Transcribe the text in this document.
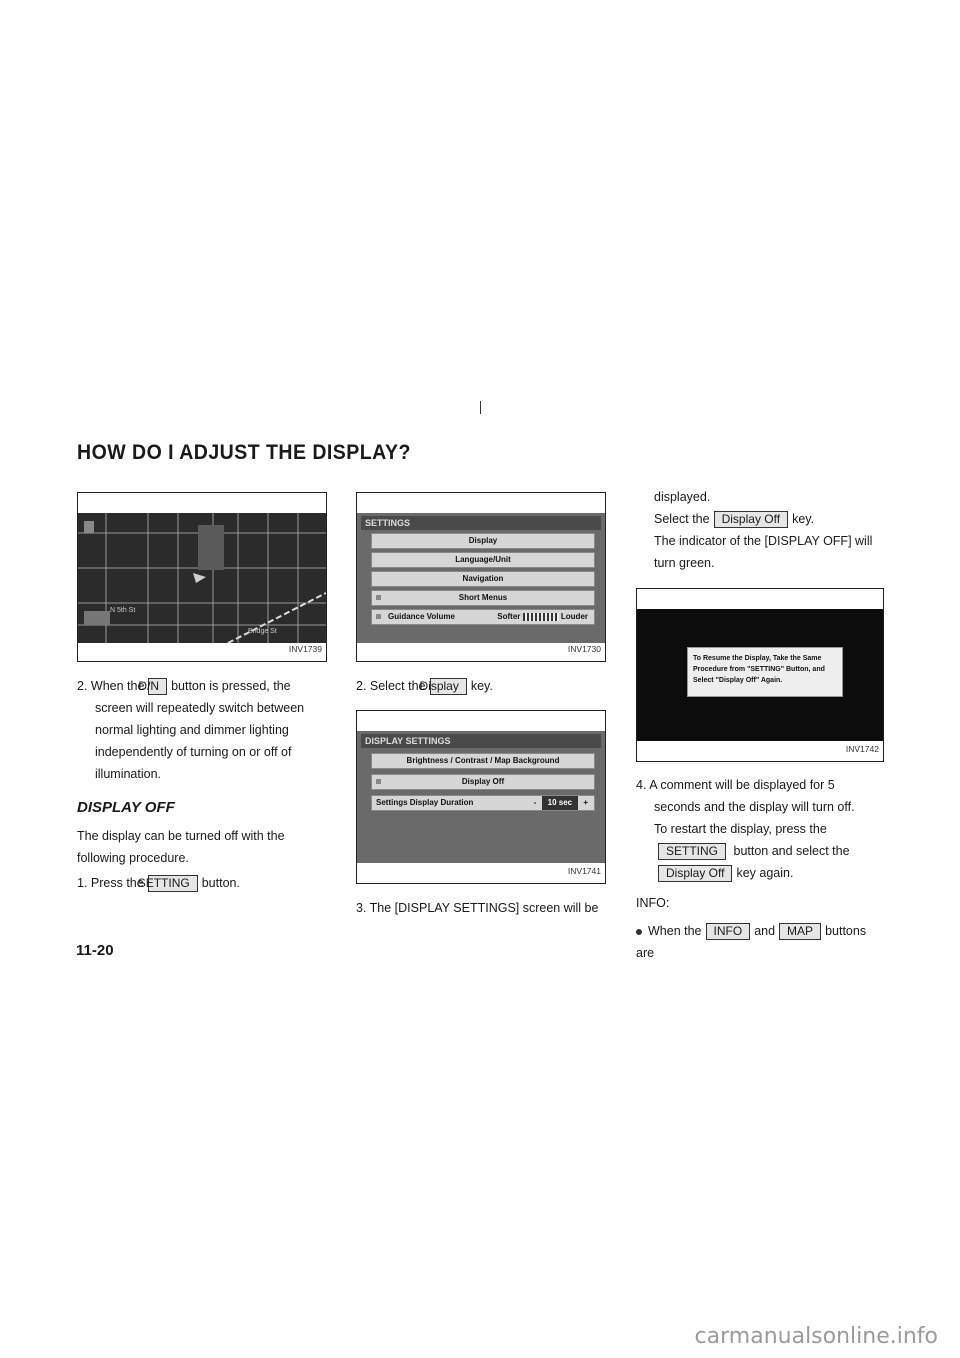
HOW DO I ADJUST THE DISPLAY?
N 5th St
Bridge St
INV1739

2. When theD/N button is pressed, the screen will repeatedly switch between normal lighting and dimmer lighting independently of turning on or off of illumination.

DISPLAY OFF

The display can be turned off with the following procedure.

1. Press theSETTING button.

SETTINGS
Display
Language/Unit
Navigation
Short Menus
Guidance Volume	Softer	Louder
INV1730

2. Select theDisplay key.

DISPLAY SETTINGS
Brightness / Contrast / Map Background
Display Off
Settings Display Duration	- 10 sec +
INV1741

3. The [DISPLAY SETTINGS] screen will be

displayed.

Select the Display Off key.

The indicator of the [DISPLAY OFF] will turn green.

To Resume the Display, Take the Same
Procedure from "SETTING" Button, and
Select "Display Off" Again.
INV1742

4. A comment will be displayed for 5 seconds and the display will turn off.

To restart the display, press theSETTING button and select theDisplay Off key again.

INFO:

When the INFO and MAP buttons are

11-20
carmanualsonline.info
